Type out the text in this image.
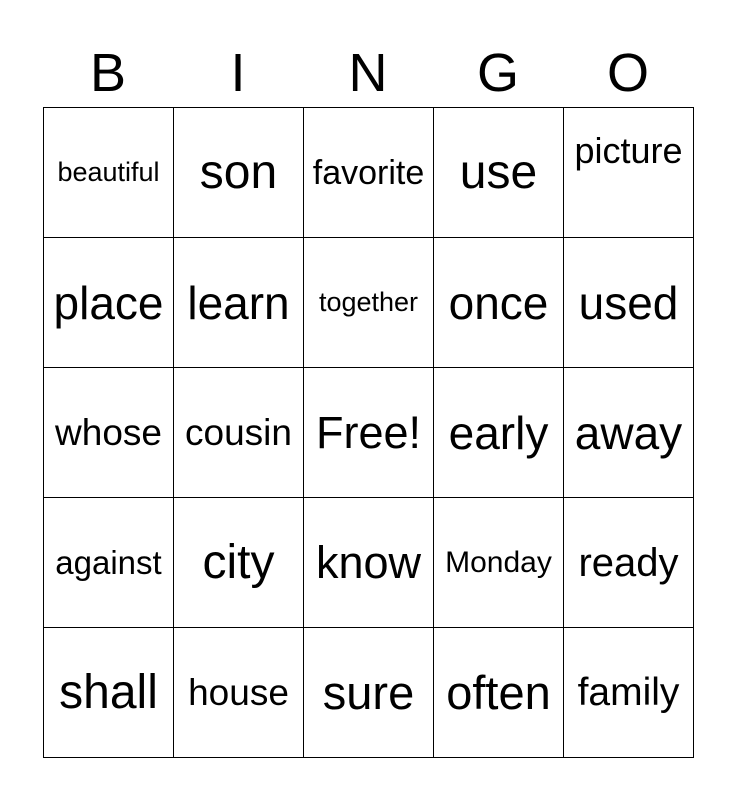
B	I	N	G	O
beautiful son favorite use picture
place learn together once used
whose cousin Free! early away
against city know Monday ready
shall house sure often family
